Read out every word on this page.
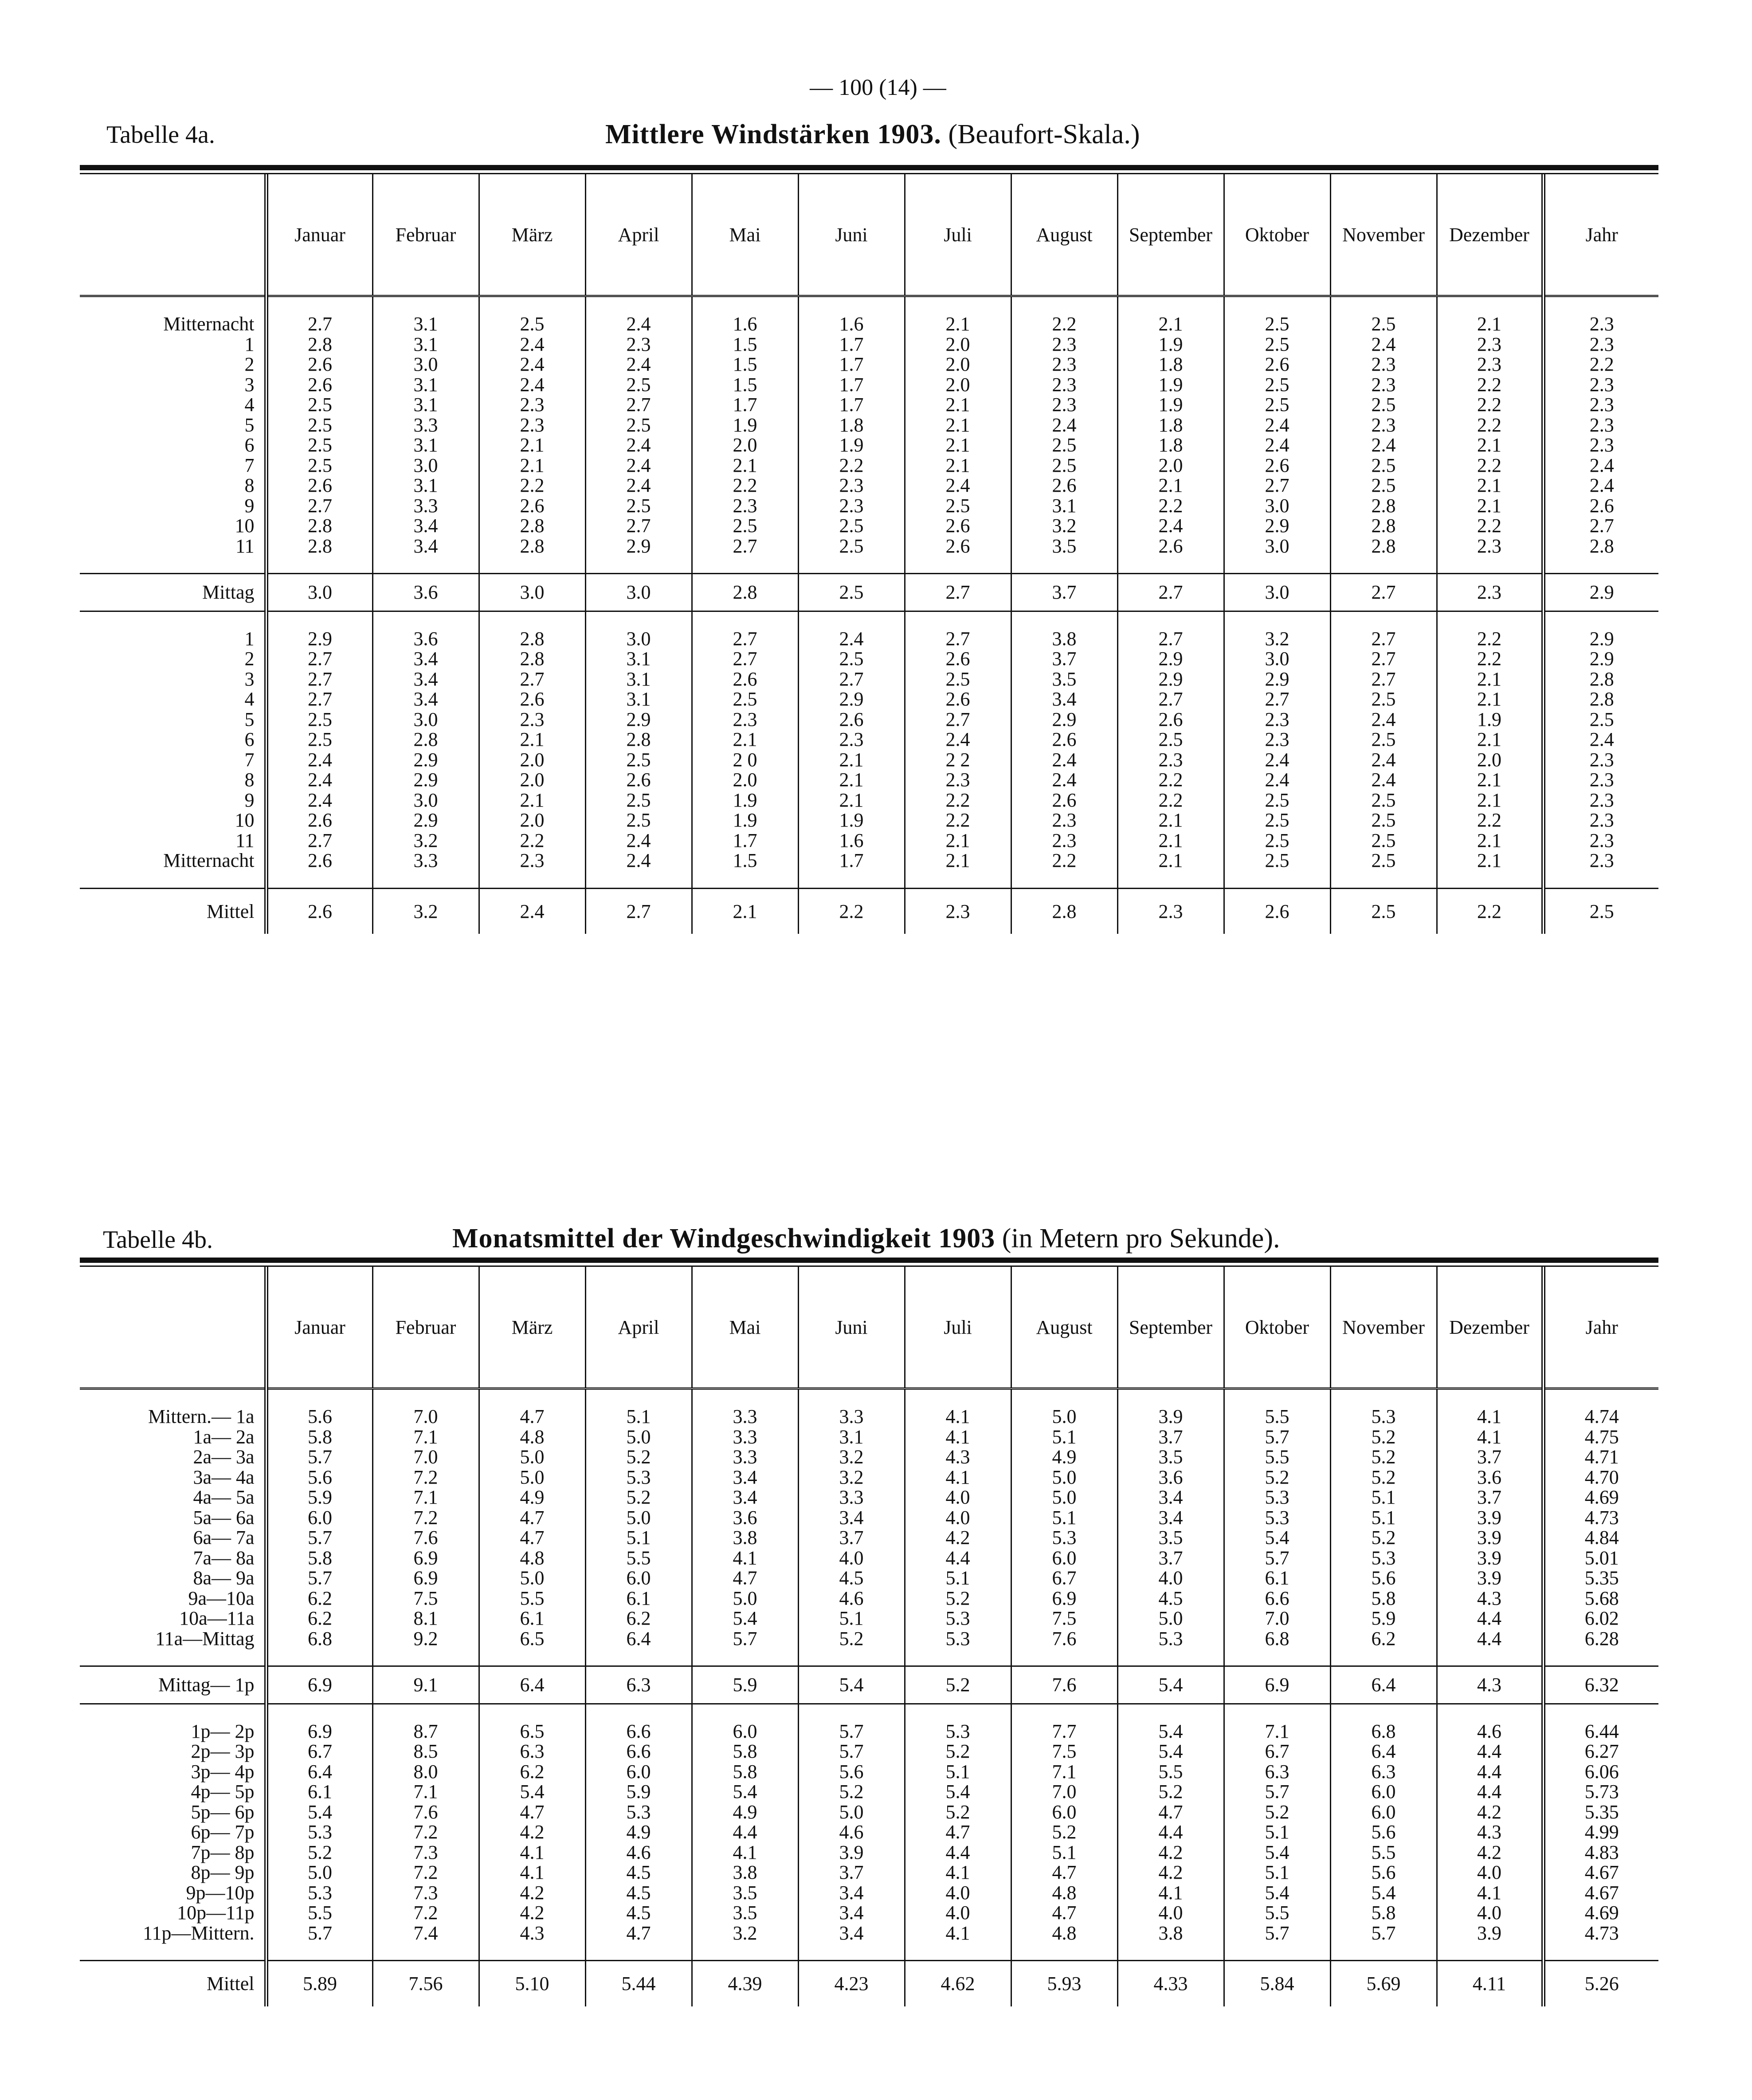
— 100 (14) —
Tabelle 4a.	Mittlere Windstärken 1903. (Beaufort-Skala.)
	Januar	Februar	März	April	Mai	Juni	Juli	August	September	Oktober	November	Dezember	Jahr
Mitternacht	2.7	3.1	2.5	2.4	1.6	1.6	2.1	2.2	2.1	2.5	2.5	2.1	2.3
1	2.8	3.1	2.4	2.3	1.5	1.7	2.0	2.3	1.9	2.5	2.4	2.3	2.3
2	2.6	3.0	2.4	2.4	1.5	1.7	2.0	2.3	1.8	2.6	2.3	2.3	2.2
3	2.6	3.1	2.4	2.5	1.5	1.7	2.0	2.3	1.9	2.5	2.3	2.2	2.3
4	2.5	3.1	2.3	2.7	1.7	1.7	2.1	2.3	1.9	2.5	2.5	2.2	2.3
5	2.5	3.3	2.3	2.5	1.9	1.8	2.1	2.4	1.8	2.4	2.3	2.2	2.3
6	2.5	3.1	2.1	2.4	2.0	1.9	2.1	2.5	1.8	2.4	2.4	2.1	2.3
7	2.5	3.0	2.1	2.4	2.1	2.2	2.1	2.5	2.0	2.6	2.5	2.2	2.4
8	2.6	3.1	2.2	2.4	2.2	2.3	2.4	2.6	2.1	2.7	2.5	2.1	2.4
9	2.7	3.3	2.6	2.5	2.3	2.3	2.5	3.1	2.2	3.0	2.8	2.1	2.6
10	2.8	3.4	2.8	2.7	2.5	2.5	2.6	3.2	2.4	2.9	2.8	2.2	2.7
11	2.8	3.4	2.8	2.9	2.7	2.5	2.6	3.5	2.6	3.0	2.8	2.3	2.8
Mittag	3.0	3.6	3.0	3.0	2.8	2.5	2.7	3.7	2.7	3.0	2.7	2.3	2.9
1	2.9	3.6	2.8	3.0	2.7	2.4	2.7	3.8	2.7	3.2	2.7	2.2	2.9
2	2.7	3.4	2.8	3.1	2.7	2.5	2.6	3.7	2.9	3.0	2.7	2.2	2.9
3	2.7	3.4	2.7	3.1	2.6	2.7	2.5	3.5	2.9	2.9	2.7	2.1	2.8
4	2.7	3.4	2.6	3.1	2.5	2.9	2.6	3.4	2.7	2.7	2.5	2.1	2.8
5	2.5	3.0	2.3	2.9	2.3	2.6	2.7	2.9	2.6	2.3	2.4	1.9	2.5
6	2.5	2.8	2.1	2.8	2.1	2.3	2.4	2.6	2.5	2.3	2.5	2.1	2.4
7	2.4	2.9	2.0	2.5	2 0	2.1	2 2	2.4	2.3	2.4	2.4	2.0	2.3
8	2.4	2.9	2.0	2.6	2.0	2.1	2.3	2.4	2.2	2.4	2.4	2.1	2.3
9	2.4	3.0	2.1	2.5	1.9	2.1	2.2	2.6	2.2	2.5	2.5	2.1	2.3
10	2.6	2.9	2.0	2.5	1.9	1.9	2.2	2.3	2.1	2.5	2.5	2.2	2.3
11	2.7	3.2	2.2	2.4	1.7	1.6	2.1	2.3	2.1	2.5	2.5	2.1	2.3
Mitternacht	2.6	3.3	2.3	2.4	1.5	1.7	2.1	2.2	2.1	2.5	2.5	2.1	2.3
Mittel	2.6	3.2	2.4	2.7	2.1	2.2	2.3	2.8	2.3	2.6	2.5	2.2	2.5
Tabelle 4b.	Monatsmittel der Windgeschwindigkeit 1903 (in Metern pro Sekunde).
	Januar	Februar	März	April	Mai	Juni	Juli	August	September	Oktober	November	Dezember	Jahr
Mittern.— 1a	5.6	7.0	4.7	5.1	3.3	3.3	4.1	5.0	3.9	5.5	5.3	4.1	4.74
1a— 2a	5.8	7.1	4.8	5.0	3.3	3.1	4.1	5.1	3.7	5.7	5.2	4.1	4.75
2a— 3a	5.7	7.0	5.0	5.2	3.3	3.2	4.3	4.9	3.5	5.5	5.2	3.7	4.71
3a— 4a	5.6	7.2	5.0	5.3	3.4	3.2	4.1	5.0	3.6	5.2	5.2	3.6	4.70
4a— 5a	5.9	7.1	4.9	5.2	3.4	3.3	4.0	5.0	3.4	5.3	5.1	3.7	4.69
5a— 6a	6.0	7.2	4.7	5.0	3.6	3.4	4.0	5.1	3.4	5.3	5.1	3.9	4.73
6a— 7a	5.7	7.6	4.7	5.1	3.8	3.7	4.2	5.3	3.5	5.4	5.2	3.9	4.84
7a— 8a	5.8	6.9	4.8	5.5	4.1	4.0	4.4	6.0	3.7	5.7	5.3	3.9	5.01
8a— 9a	5.7	6.9	5.0	6.0	4.7	4.5	5.1	6.7	4.0	6.1	5.6	3.9	5.35
9a—10a	6.2	7.5	5.5	6.1	5.0	4.6	5.2	6.9	4.5	6.6	5.8	4.3	5.68
10a—11a	6.2	8.1	6.1	6.2	5.4	5.1	5.3	7.5	5.0	7.0	5.9	4.4	6.02
11a—Mittag	6.8	9.2	6.5	6.4	5.7	5.2	5.3	7.6	5.3	6.8	6.2	4.4	6.28
Mittag— 1p	6.9	9.1	6.4	6.3	5.9	5.4	5.2	7.6	5.4	6.9	6.4	4.3	6.32
1p— 2p	6.9	8.7	6.5	6.6	6.0	5.7	5.3	7.7	5.4	7.1	6.8	4.6	6.44
2p— 3p	6.7	8.5	6.3	6.6	5.8	5.7	5.2	7.5	5.4	6.7	6.4	4.4	6.27
3p— 4p	6.4	8.0	6.2	6.0	5.8	5.6	5.1	7.1	5.5	6.3	6.3	4.4	6.06
4p— 5p	6.1	7.1	5.4	5.9	5.4	5.2	5.4	7.0	5.2	5.7	6.0	4.4	5.73
5p— 6p	5.4	7.6	4.7	5.3	4.9	5.0	5.2	6.0	4.7	5.2	6.0	4.2	5.35
6p— 7p	5.3	7.2	4.2	4.9	4.4	4.6	4.7	5.2	4.4	5.1	5.6	4.3	4.99
7p— 8p	5.2	7.3	4.1	4.6	4.1	3.9	4.4	5.1	4.2	5.4	5.5	4.2	4.83
8p— 9p	5.0	7.2	4.1	4.5	3.8	3.7	4.1	4.7	4.2	5.1	5.6	4.0	4.67
9p—10p	5.3	7.3	4.2	4.5	3.5	3.4	4.0	4.8	4.1	5.4	5.4	4.1	4.67
10p—11p	5.5	7.2	4.2	4.5	3.5	3.4	4.0	4.7	4.0	5.5	5.8	4.0	4.69
11p—Mittern.	5.7	7.4	4.3	4.7	3.2	3.4	4.1	4.8	3.8	5.7	5.7	3.9	4.73
Mittel	5.89	7.56	5.10	5.44	4.39	4.23	4.62	5.93	4.33	5.84	5.69	4.11	5.26
